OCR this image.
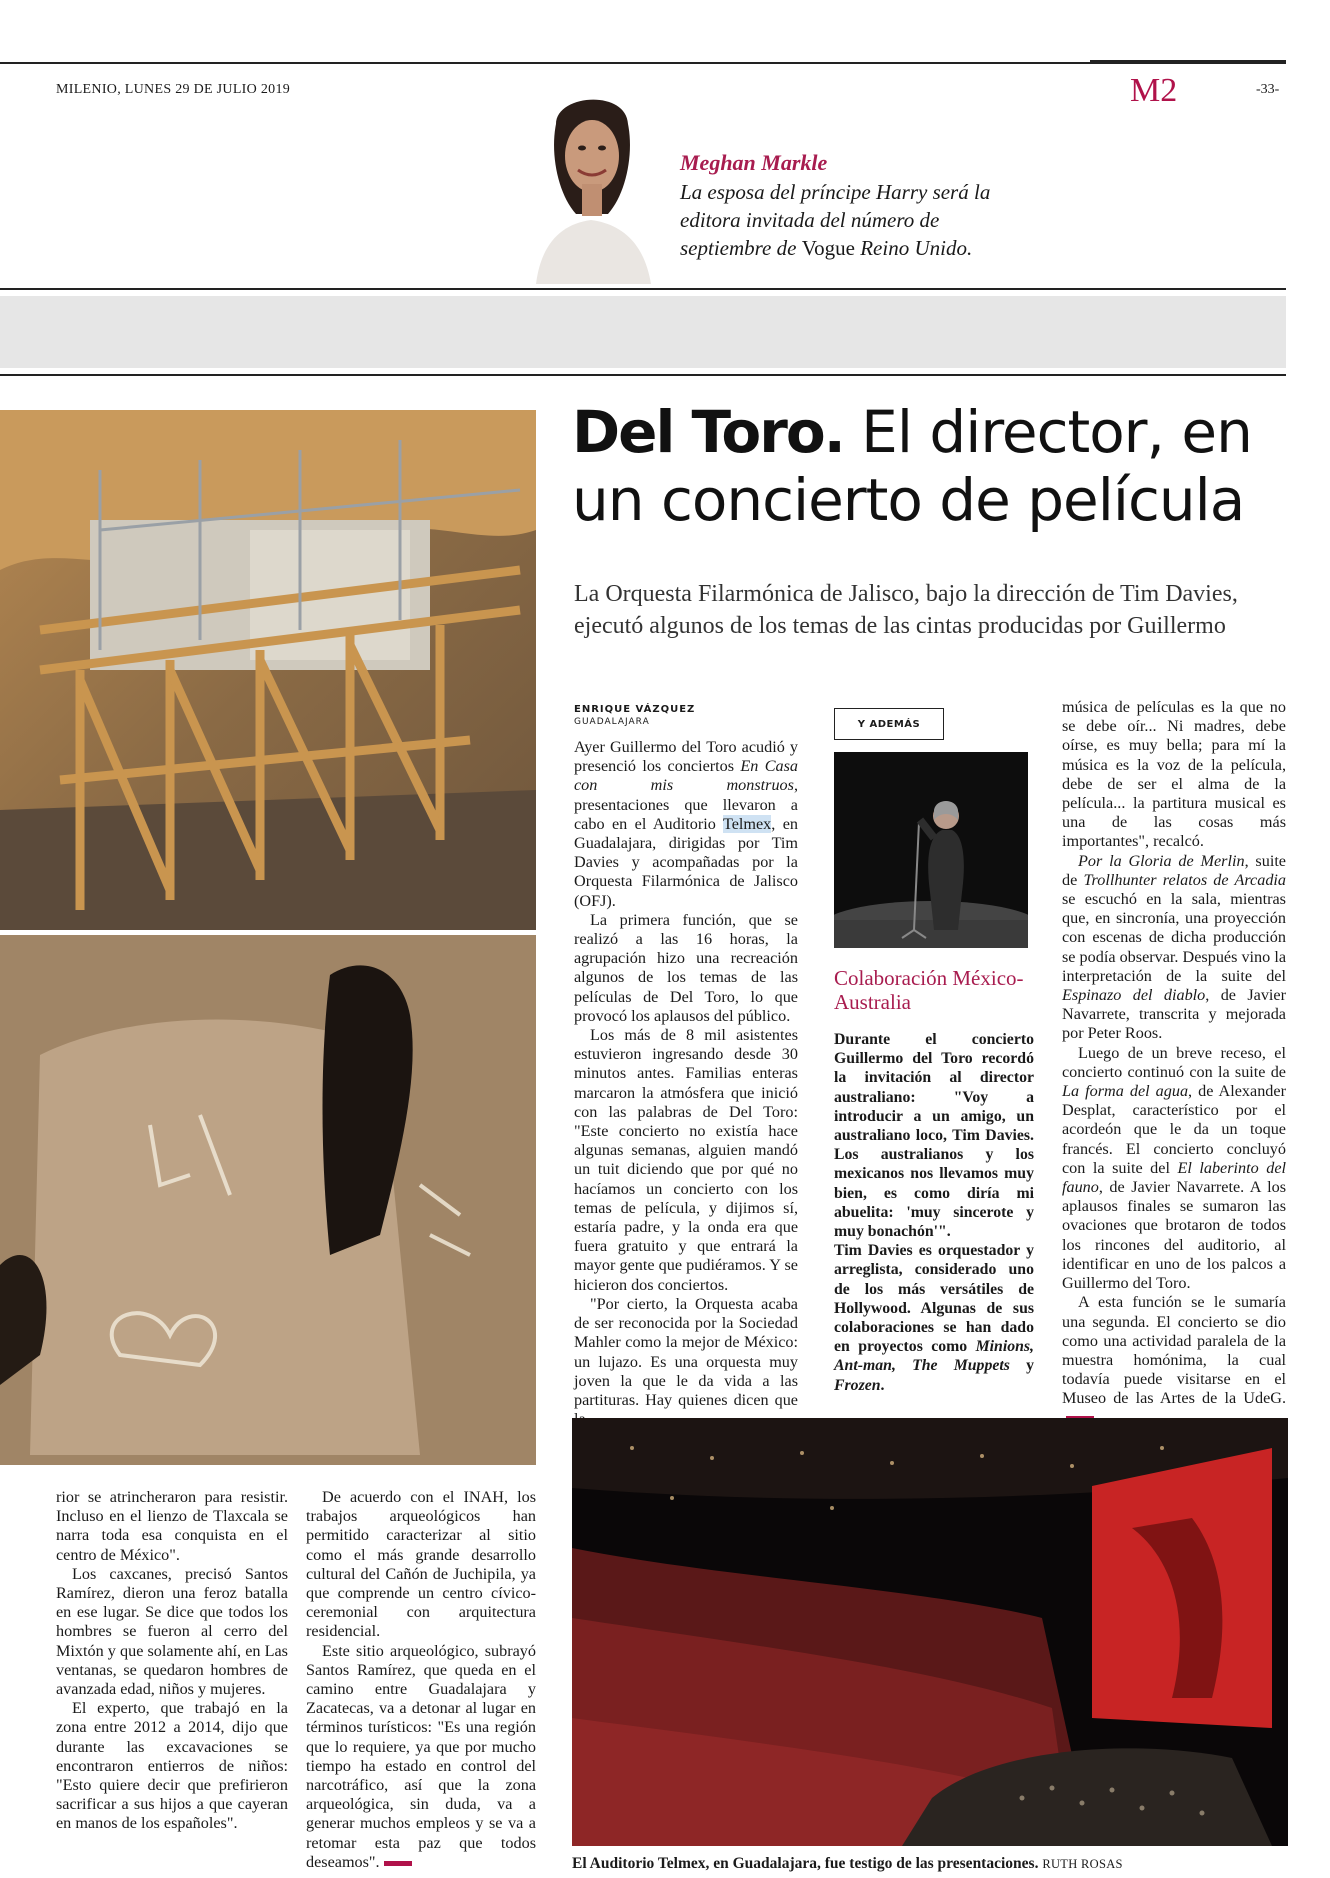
MILENIO, LUNES 29 DE JULIO 2019	M2	-33-
Meghan Markle
La esposa del príncipe Harry será la editora invitada del número de septiembre de Vogue Reino Unido.
Del Toro. El director, en un concierto de película
La Orquesta Filarmónica de Jalisco, bajo la dirección de Tim Davies, ejecutó algunos de los temas de las cintas producidas por Guillermo
ENRIQUE VÁZQUEZ
GUADALAJARA

Ayer Guillermo del Toro acudió y presenció los conciertos En Casa con mis monstruos, presentaciones que llevaron a cabo en el Auditorio Telmex, en Guadalajara, dirigidas por Tim Davies y acompañadas por la Orquesta Filarmónica de Jalisco (OFJ).

La primera función, que se realizó a las 16 horas, la agrupación hizo una recreación algunos de los temas de las películas de Del Toro, lo que provocó los aplausos del público.

Los más de 8 mil asistentes estuvieron ingresando desde 30 minutos antes. Familias enteras marcaron la atmósfera que inició con las palabras de Del Toro: "Este concierto no existía hace algunas semanas, alguien mandó un tuit diciendo que por qué no hacíamos un concierto con los temas de película, y dijimos sí, estaría padre, y la onda era que fuera gratuito y que entrará la mayor gente que pudiéramos. Y se hicieron dos conciertos.

"Por cierto, la Orquesta acaba de ser reconocida por la Sociedad Mahler como la mejor de México: un lujazo. Es una orquesta muy joven la que le da vida a las partituras. Hay quienes dicen que

Y ADEMÁS
Colaboración México-Australia

Durante el concierto Guillermo del Toro recordó la invitación al director australiano: "Voy a introducir a un amigo, un australiano loco, Tim Davies. Los australianos y los mexicanos nos llevamos muy bien, es como diría mi abuelita: 'muy sincerote y muy bonachón'".

Tim Davies es orquestador y arreglista, considerado uno de los más versátiles de Hollywood. Algunas de sus colaboraciones se han dado en proyectos como Minions, Ant-man, The Muppets y Frozen.

música de películas es la que no se debe oír... Ni madres, debe oírse, es muy bella; para mí la música es la voz de la película, debe de ser el alma de la película... la partitura musical es una de las cosas más importantes", recalcó.

Por la Gloria de Merlin, suite de Trollhunter relatos de Arcadia se escuchó en la sala, mientras que, en sincronía, una proyección con escenas de dicha producción se podía observar. Después vino la interpretación de la suite del Espinazo del diablo, de Javier Navarrete, transcrita y mejorada por Peter Roos.

Luego de un breve receso, el concierto continuó con la suite de La forma del agua, de Alexander Desplat, característico por el acordeón que le da un toque francés. El concierto concluyó con la suite del El laberinto del fauno, de Javier Navarrete. A los aplausos finales se sumaron las ovaciones que brotaron de todos los rincones del auditorio, al identificar en uno de los palcos a Guillermo del Toro.

A esta función se le sumaría una segunda. El concierto se dio como una actividad paralela de la muestra homónima, la cual todavía puede visitarse en el Museo de las Artes de la UdeG.

El Auditorio Telmex, en Guadalajara, fue testigo de las presentaciones. RUTH ROSAS

rior se atrincheraron para resistir. Incluso en el lienzo de Tlaxcala se narra toda esa conquista en el centro de México".

Los caxcanes, precisó Santos Ramírez, dieron una feroz batalla en ese lugar. Se dice que todos los hombres se fueron al cerro del Mixtón y que solamente ahí, en Las ventanas, se quedaron hombres de avanzada edad, niños y mujeres.

El experto, que trabajó en la zona entre 2012 a 2014, dijo que durante las excavaciones se encontraron entierros de niños: "Esto quiere decir que prefirieron sacrificar a sus hijos a que cayeran en manos de los españoles".

De acuerdo con el INAH, los trabajos arqueológicos han permitido caracterizar al sitio como el más grande desarrollo cultural del Cañón de Juchipila, ya que comprende un centro cívico-ceremonial con arquitectura residencial.

Este sitio arqueológico, subrayó Santos Ramírez, que queda en el camino entre Guadalajara y Zacatecas, va a detonar al lugar en términos turísticos: "Es una región que lo requiere, ya que por mucho tiempo ha estado en control del narcotráfico, así que la zona arqueológica, sin duda, va a generar muchos empleos y se va a retomar esta paz que todos deseamos".
